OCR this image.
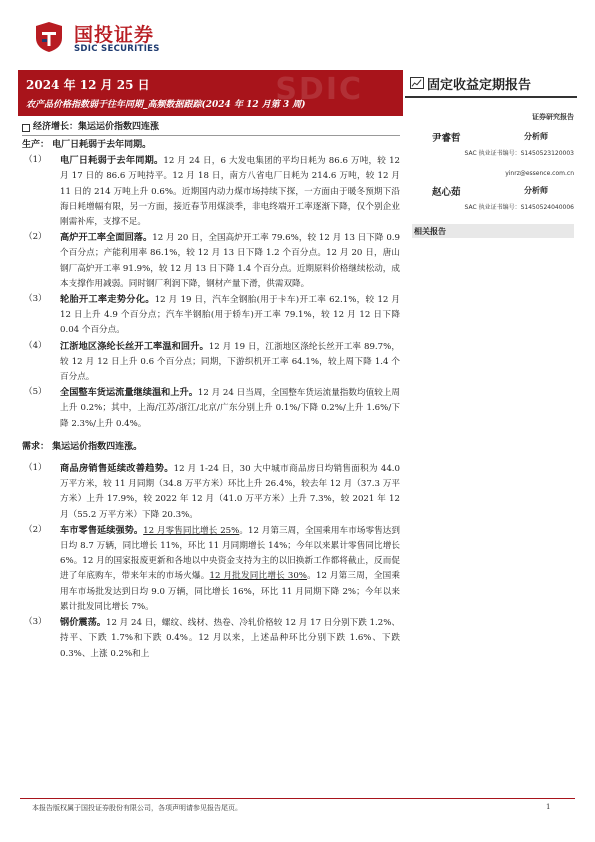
国投证券
SDIC SECURITIES
SDIC
2024 年 12 月 25 日
农产品价格指数弱于往年同期_高频数据跟踪(2024 年 12 月第 3 周)
固定收益定期报告
证券研究报告
尹睿哲	分析师
SAC 执业证书编号：S1450523120003
yinrz@essence.com.cn
赵心茹	分析师
SAC 执业证书编号：S1450524040006
相关报告
经济增长：集运运价指数四连涨
生产： 电厂日耗弱于去年同期。
（1） 电厂日耗弱于去年同期。12 月 24 日，6 大发电集团的平均日耗为 86.6 万吨，较 12 月 17 日的 86.6 万吨持平。12 月 18 日，南方八省电厂日耗为 214.6 万吨，较 12 月 11 日的 214 万吨上升 0.6%。近期国内动力煤市场持续下探，一方面由于暖冬预期下沿海日耗增幅有限，另一方面，接近春节用煤淡季，非电终端开工率逐渐下降，仅个别企业刚需补库，支撑不足。
（2） 高炉开工率全面回落。12 月 20 日，全国高炉开工率 79.6%，较 12 月 13 日下降 0.9 个百分点；产能利用率 86.1%，较 12 月 13 日下降 1.2 个百分点。12 月 20 日，唐山钢厂高炉开工率 91.9%，较 12 月 13 日下降 1.4 个百分点。近期原料价格继续松动，成本支撑作用减弱。同时钢厂利润下降，钢材产量下滑，供需双降。
（3） 轮胎开工率走势分化。12 月 19 日，汽车全钢胎(用于卡车)开工率 62.1%，较 12 月 12 日上升 4.9 个百分点；汽车半钢胎(用于轿车)开工率 79.1%，较 12 月 12 日下降 0.04 个百分点。
（4） 江浙地区涤纶长丝开工率温和回升。12 月 19 日，江浙地区涤纶长丝开工率 89.7%，较 12 月 12 日上升 0.6 个百分点；同期，下游织机开工率 64.1%，较上周下降 1.4 个百分点。
（5） 全国整车货运流量继续温和上升。12 月 24 日当周，全国整车货运流量指数均值较上周上升 0.2%；其中，上海/江苏/浙江/北京/广东分别上升 0.1%/下降 0.2%/上升 1.6%/下降 2.3%/上升 0.4%。
需求： 集运运价指数四连涨。
（1） 商品房销售延续改善趋势。12 月 1-24 日，30 大中城市商品房日均销售面积为 44.0 万平方米，较 11 月同期（34.8 万平方米）环比上升 26.4%，较去年 12 月（37.3 万平方米）上升 17.9%，较 2022 年 12 月（41.0 万平方米）上升 7.3%，较 2021 年 12 月（55.2 万平方米）下降 20.3%。
（2） 车市零售延续强势。12 月零售同比增长 25%。12 月第三周，全国乘用车市场零售达到日均 8.7 万辆，同比增长 11%，环比 11 月同期增长 14%；今年以来累计零售同比增长 6%。12 月的国家报废更新和各地以中央资金支持为主的以旧换新工作都将截止，反而促进了年底购车，带来年末的市场火爆。12 月批发同比增长 30%。12 月第三周，全国乘用车市场批发达到日均 9.0 万辆，同比增长 16%，环比 11 月同期下降 2%；今年以来累计批发同比增长 7%。
（3） 钢价震荡。12 月 24 日，螺纹、线材、热卷、冷轧价格较 12 月 17 日分别下跌 1.2%、持平、下跌 1.7%和下跌 0.4%。12 月以来，上述品种环比分别下跌 1.6%、下跌 0.3%、上涨 0.2%和上
本报告版权属于国投证券股份有限公司，各项声明请参见报告尾页。	1
